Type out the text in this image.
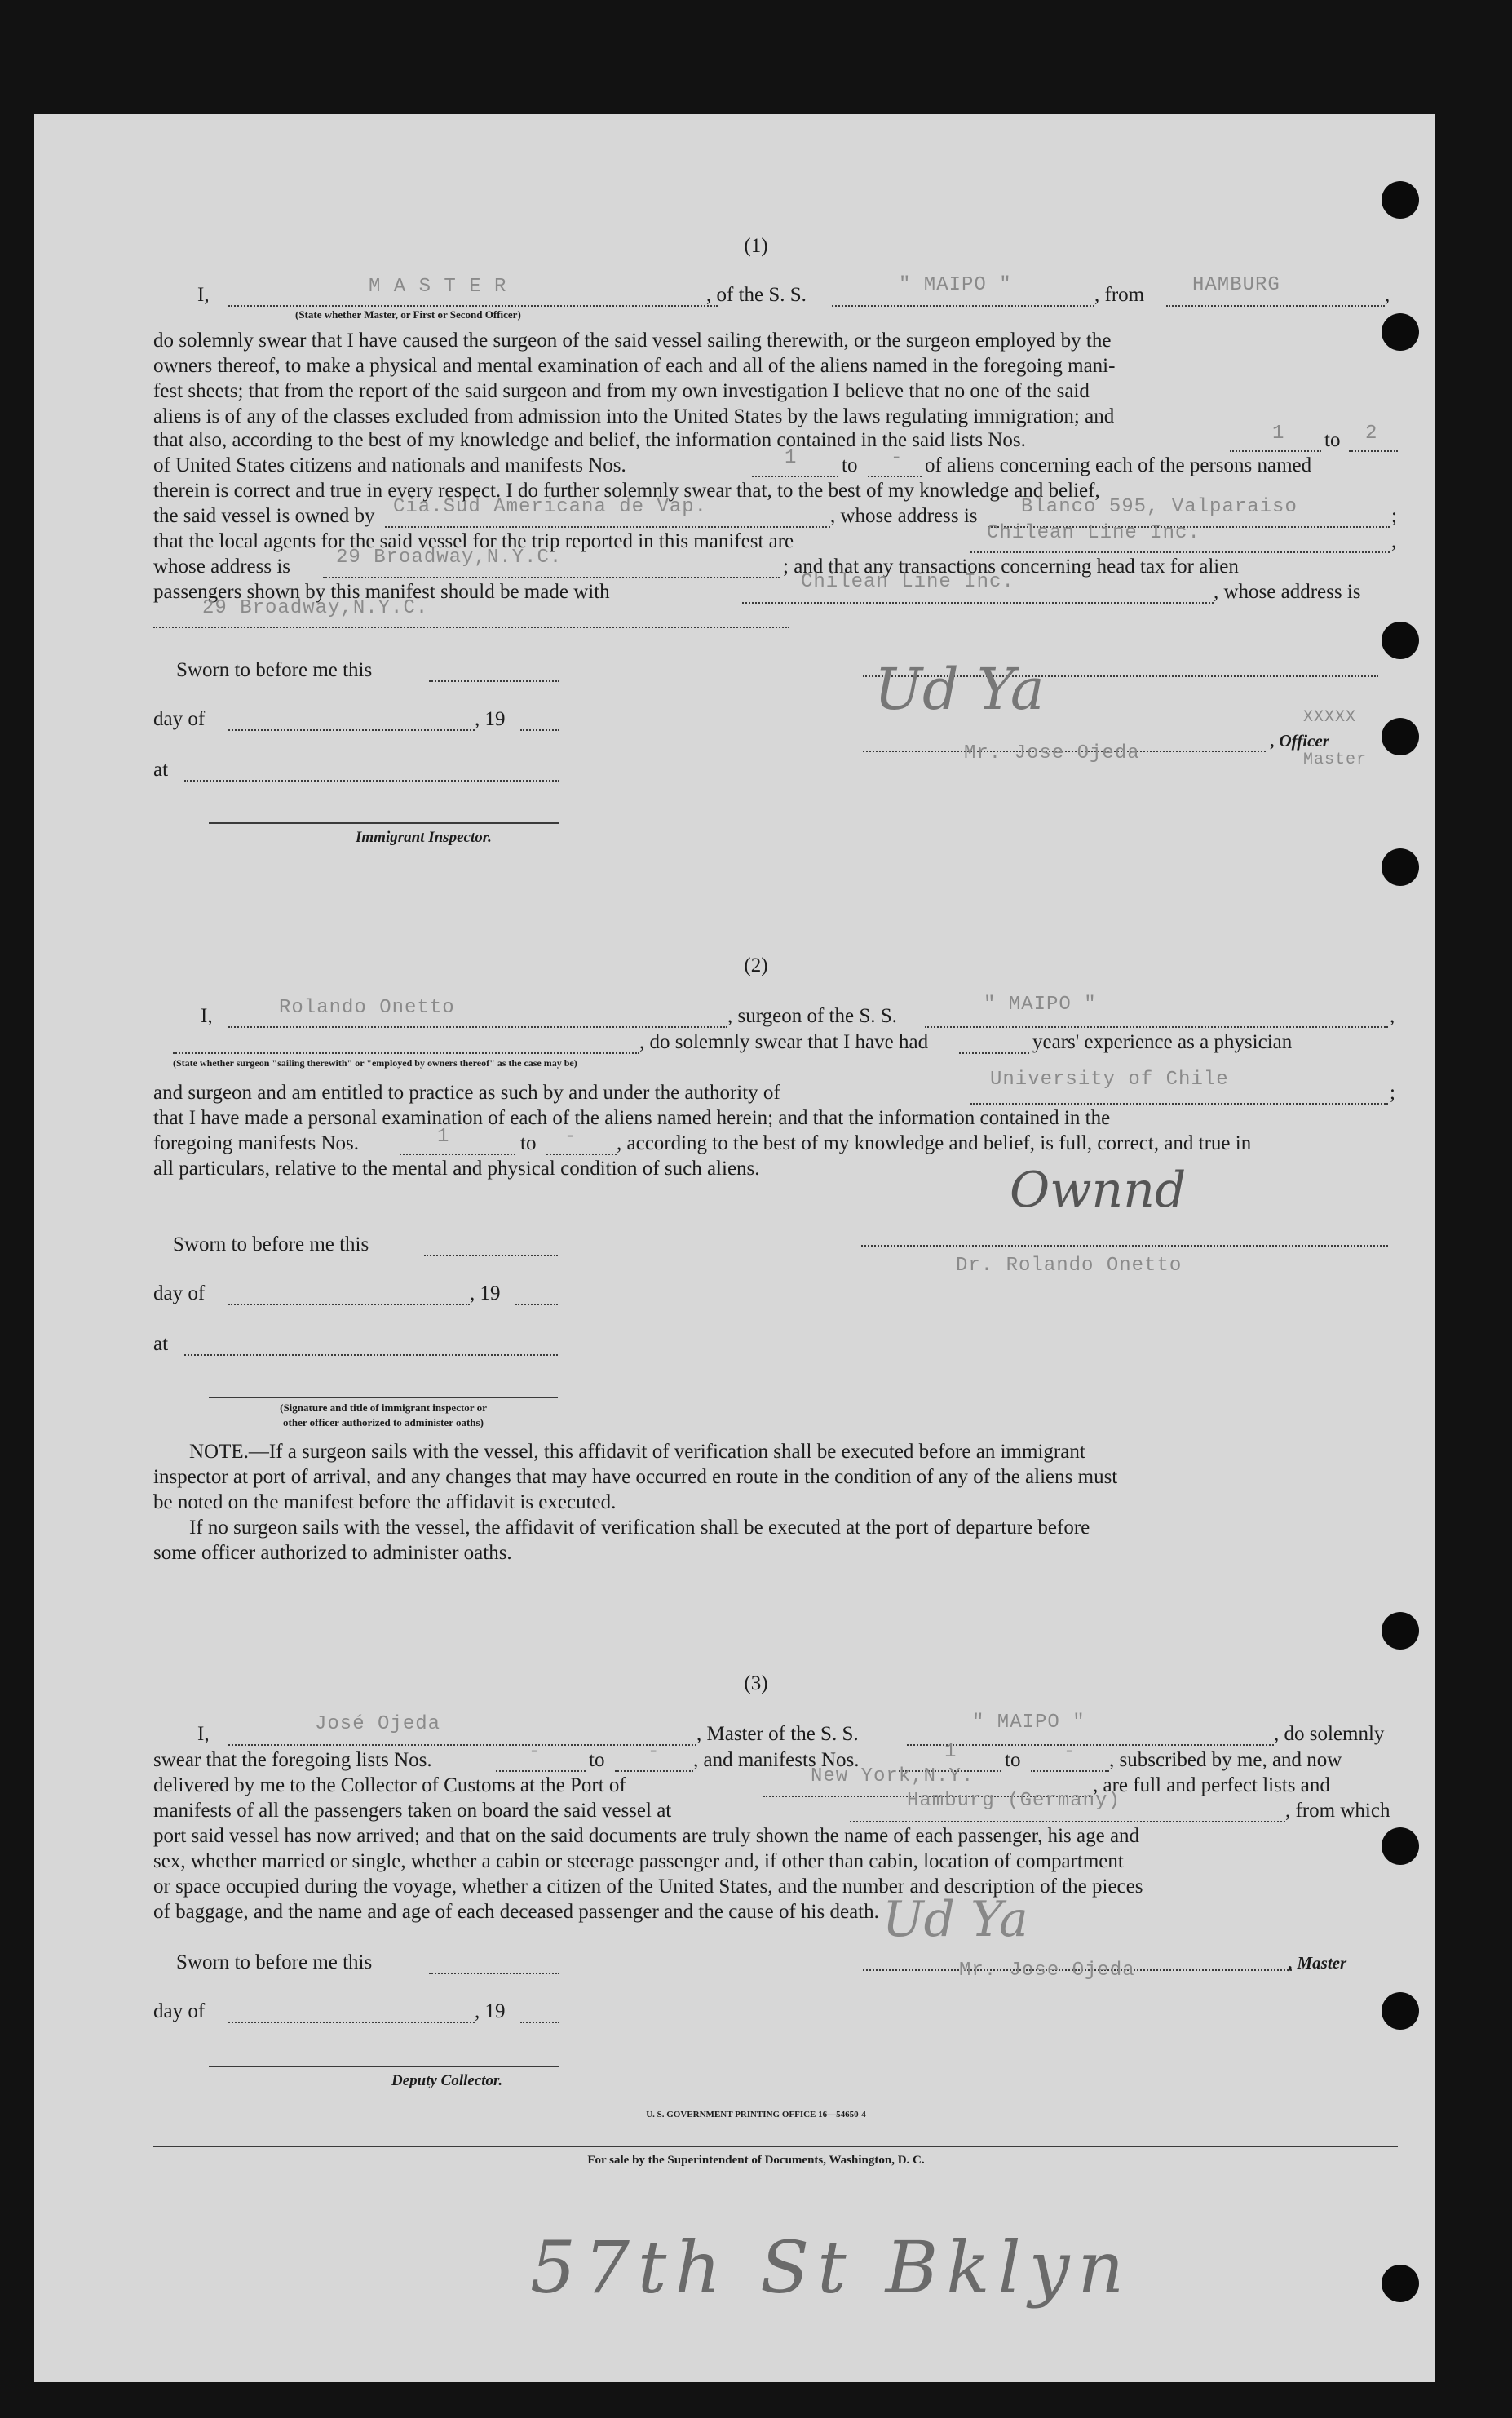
(1)
I,	M A S T E R
(State whether Master, or First or Second Officer)
, of the S. S.	" MAIPO "	, from HAMBURG	,
do solemnly swear that I have caused the surgeon of the said vessel sailing therewith, or the surgeon employed by the
owners thereof, to make a physical and mental examination of each and all of the aliens named in the foregoing mani-
fest sheets; that from the report of the said surgeon and from my own investigation I believe that no one of the said
aliens is of any of the classes excluded from admission into the United States by the laws regulating immigration; and
that also, according to the best of my knowledge and belief, the information contained in the said lists Nos.	1 to 2
of United States citizens and nationals and manifests Nos.	1 to - of aliens concerning each of the persons named
therein is correct and true in every respect. I do further solemnly swear that, to the best of my knowledge and belief,
the said vessel is owned by Cia.Sud Americana de Vap.	, whose address is Blanco 595, Valparaiso	;
that the local agents for the said vessel for the trip reported in this manifest are	Chilean Line Inc.	,
whose address is 29 Broadway,N.Y.C.	; and that any transactions concerning head tax for alien
passengers shown by this manifest should be made with	Chilean Line Inc.	, whose address is
29 Broadway,N.Y.C.
Sworn to before me this
day of	, 19
at
Immigrant Inspector.
Ud Ya
Mr. Jose Ojeda
, Officer
XXXXX
Master
(2)
I,	Rolando Onetto	, surgeon of the S. S.
" MAIPO "
,
, do solemnly swear that I have had	years' experience as a physician
(State whether surgeon "sailing therewith" or "employed by owners thereof" as the case may be)
and surgeon and am entitled to practice as such by and under the authority of
University of Chile
;
that I have made a personal examination of each of the aliens named herein; and that the information contained in the
foregoing manifests Nos.	1	to - , according to the best of my knowledge and belief, is full, correct, and true in
all particulars, relative to the mental and physical condition of such aliens.
Sworn to before me this
day of	, 19
at
(Signature and title of immigrant inspector or
other officer authorized to administer oaths)
Ownnd
Dr. Rolando Onetto
NOTE.—If a surgeon sails with the vessel, this affidavit of verification shall be executed before an immigrant
inspector at port of arrival, and any changes that may have occurred en route in the condition of any of the aliens must
be noted on the manifest before the affidavit is executed.
If no surgeon sails with the vessel, the affidavit of verification shall be executed at the port of departure before
some officer authorized to administer oaths.
(3)
I,	José Ojeda	, Master of the S. S.
" MAIPO "
, do solemnly
swear that the foregoing lists Nos.	- to - , and manifests Nos.	1 to - , subscribed by me, and now
delivered by me to the Collector of Customs at the Port of	New York,N.Y.	, are full and perfect lists and
manifests of all the passengers taken on board the said vessel at	Hamburg (Germany)	, from which
port said vessel has now arrived; and that on the said documents are truly shown the name of each passenger, his age and
sex, whether married or single, whether a cabin or steerage passenger and, if other than cabin, location of compartment
or space occupied during the voyage, whether a citizen of the United States, and the number and description of the pieces
of baggage, and the name and age of each deceased passenger and the cause of his death.
Sworn to before me this
day of	, 19
Deputy Collector.
Ud Ya
Mr. Jose Ojeda	, Master
U. S. GOVERNMENT PRINTING OFFICE 16—54650-4
For sale by the Superintendent of Documents, Washington, D. C.
57th St Bklyn
